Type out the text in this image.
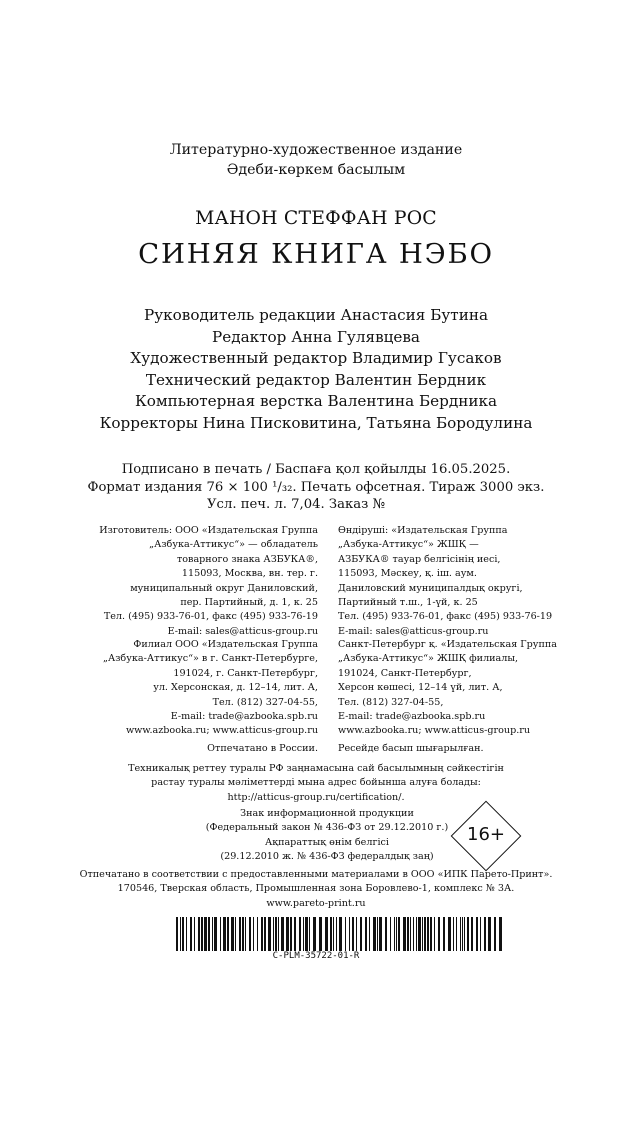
Литературно-художественное издание
Әдеби-көркем басылым
МАНОН СТЕФФАН РОС
СИНЯЯ КНИГА НЭБО
Руководитель редакции Анастасия Бутина
Редактор Анна Гулявцева
Художественный редактор Владимир Гусаков
Технический редактор Валентин Бердник
Компьютерная верстка Валентина Бердника
Корректоры Нина Писковитина, Татьяна Бородулина
Подписано в печать / Баспаға қол қойылды 16.05.2025.
Формат издания 76 × 100 ¹/₃₂. Печать офсетная. Тираж 3000 экз.
Усл. печ. л. 7,04. Заказ №
Изготовитель: ООО «Издательская Группа
„Азбука-Аттикус“» — обладатель
товарного знака АЗБУКА®,
115093, Москва, вн. тер. г.
муниципальный округ Даниловский,
пер. Партийный, д. 1, к. 25
Тел. (495) 933-76-01, факс (495) 933-76-19
E-mail: sales@atticus-group.ru
Өндіруші: «Издательская Группа
„Азбука-Аттикус“» ЖШҚ —
АЗБУКА® тауар белгісінің иесі,
115093, Мәскеу, қ. іш. аум.
Даниловский муниципалдық округі,
Партийный т.ш., 1-үй, к. 25
Тел. (495) 933-76-01, факс (495) 933-76-19
E-mail: sales@atticus-group.ru
Филиал ООО «Издательская Группа
„Азбука-Аттикус“» в г. Санкт-Петербурге,
191024, г. Санкт-Петербург,
ул. Херсонская, д. 12–14, лит. А,
Тел. (812) 327-04-55,
E-mail: trade@azbooka.spb.ru
Санкт-Петербург қ. «Издательская Группа
„Азбука-Аттикус“» ЖШҚ филиалы,
191024, Санкт-Петербург,
Херсон көшесі, 12–14 үй, лит. А,
Тел. (812) 327-04-55,
E-mail: trade@azbooka.spb.ru
www.azbooka.ru; www.atticus-group.ru www.azbooka.ru; www.atticus-group.ru
Отпечатано в России. Ресейде басып шығарылған.
Техникалық реттеу туралы РФ заңнамасына сай басылымның сәйкестігін
растау туралы мәліметтерді мына адрес бойынша алуға болады:
http://atticus-group.ru/certification/.
Знак информационной продукции
(Федеральный закон № 436-ФЗ от 29.12.2010 г.)
Ақпараттық өнім белгісі
(29.12.2010 ж. № 436-ФЗ федералдық заң)
16+
Отпечатано в соответствии с предоставленными материалами в ООО «ИПК Парето-Принт».
170546, Тверская область, Промышленная зона Боровлево-1, комплекс № 3А.
www.pareto-print.ru
C-PLM-35722-01-R
